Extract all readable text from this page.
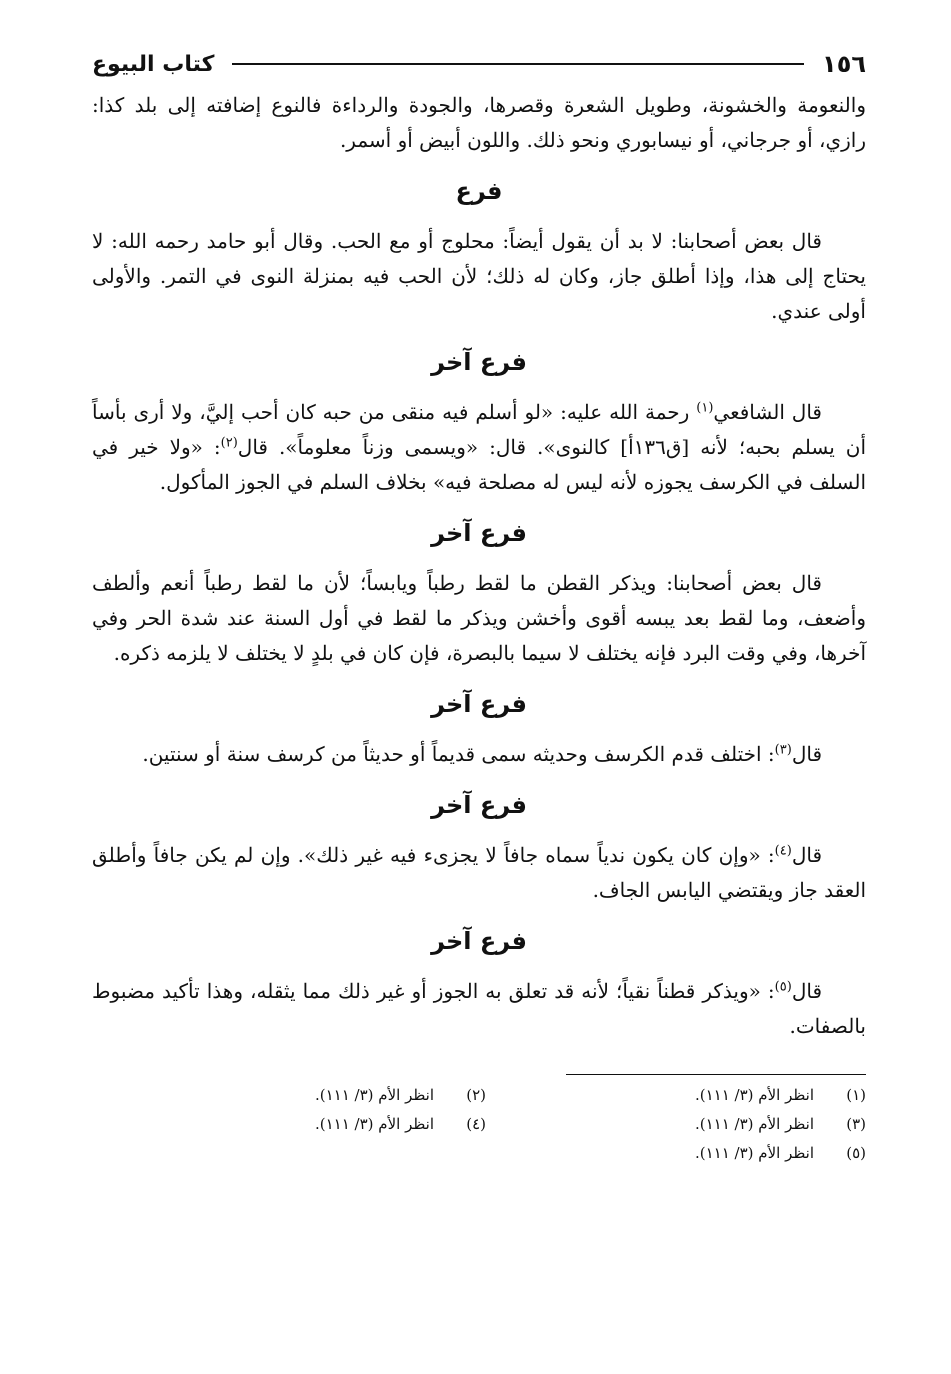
١٥٦
كتاب البيوع

والنعومة والخشونة، وطويل الشعرة وقصرها، والجودة والرداءة فالنوع إضافته إلى بلد كذا: رازي، أو جرجاني، أو نيسابوري ونحو ذلك. واللون أبيض أو أسمر.

فرع

قال بعض أصحابنا: لا بد أن يقول أيضاً: محلوج أو مع الحب. وقال أبو حامد رحمه الله: لا يحتاج إلى هذا، وإذا أطلق جاز، وكان له ذلك؛ لأن الحب فيه بمنزلة النوى في التمر. والأولى أولى عندي.

فرع آخر

قال الشافعي$^{(١)}$ رحمة الله عليه: «لو أسلم فيه منقى من حبه كان أحب إليَّ، ولا أرى بأساً أن يسلم بحبه؛ لأنه [ق١٣٦أ] كالنوى». قال: «ويسمى وزناً معلوماً». قال$^{(٢)}$: «ولا خير في السلف في الكرسف يجوزه لأنه ليس له مصلحة فيه» بخلاف السلم في الجوز المأكول.

فرع آخر

قال بعض أصحابنا: ويذكر القطن ما لقط رطباً ويابساً؛ لأن ما لقط رطباً أنعم وألطف وأضعف، وما لقط بعد يبسه أقوى وأخشن ويذكر ما لقط في أول السنة عند شدة الحر وفي آخرها، وفي وقت البرد فإنه يختلف لا سيما بالبصرة، فإن كان في بلدٍ لا يختلف لا يلزمه ذكره.

فرع آخر

قال$^{(٣)}$: اختلف قدم الكرسف وحديثه سمى قديماً أو حديثاً من كرسف سنة أو سنتين.

فرع آخر

قال$^{(٤)}$: «وإن كان يكون ندياً سماه جافاً لا يجزىء فيه غير ذلك». وإن لم يكن جافاً وأطلق العقد جاز ويقتضي اليابس الجاف.

فرع آخر

قال$^{(٥)}$: «ويذكر قطناً نقياً؛ لأنه قد تعلق به الجوز أو غير ذلك مما يثقله، وهذا تأكيد مضبوط بالصفات.

(١)
انظر الأم (٣/ ١١١).
(٢)
انظر الأم (٣/ ١١١).
(٣)
انظر الأم (٣/ ١١١).
(٤)
انظر الأم (٣/ ١١١).
(٥)
انظر الأم (٣/ ١١١).
